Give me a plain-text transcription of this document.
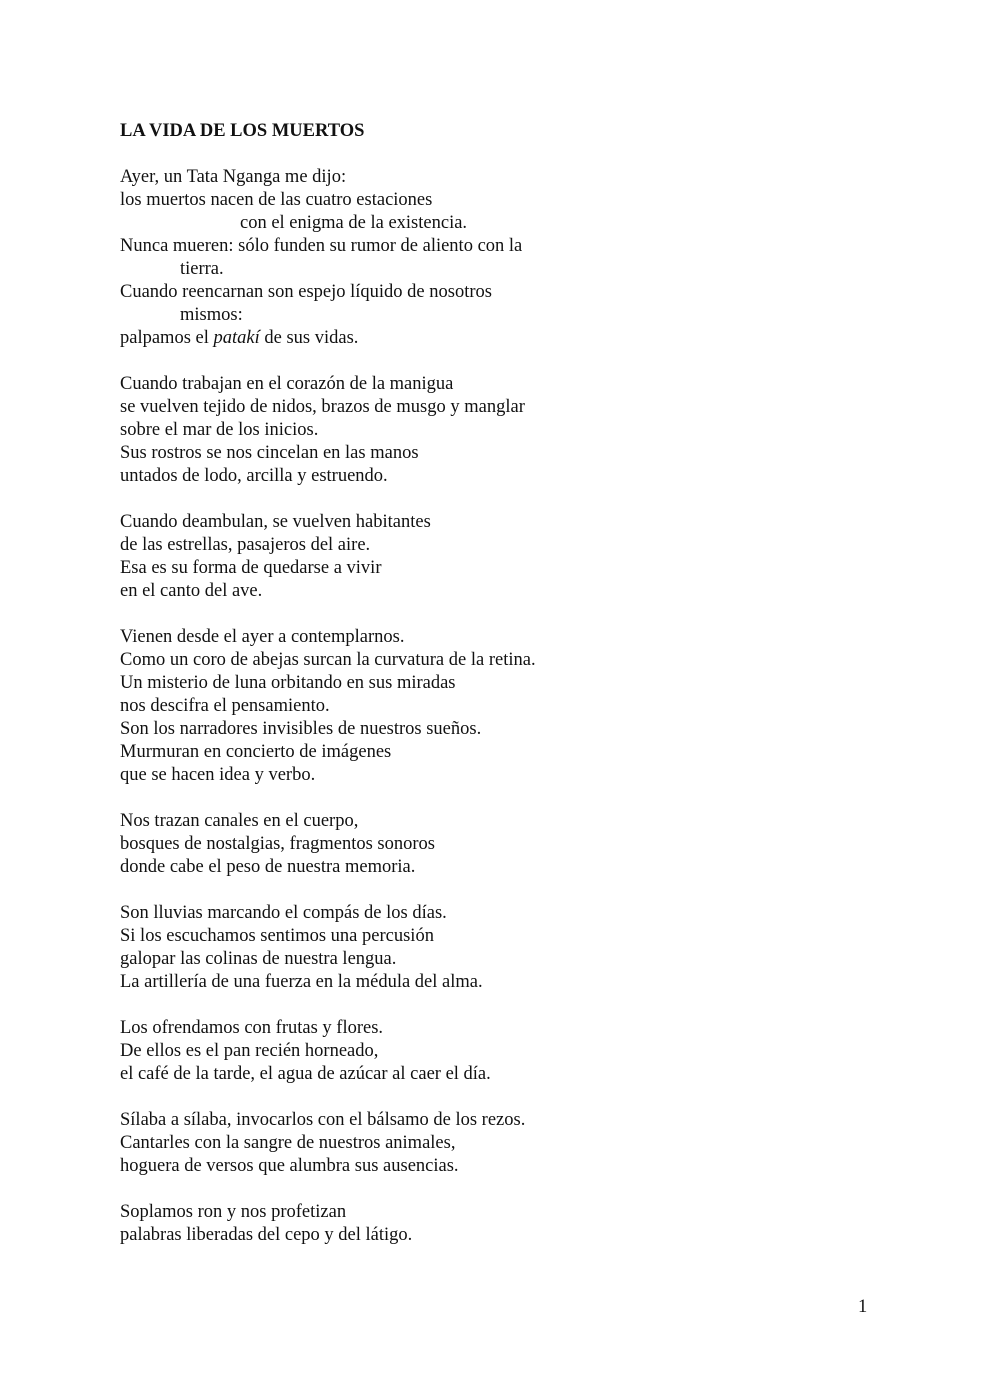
LA VIDA DE LOS MUERTOS
Ayer, un Tata Nganga me dijo:
los muertos nacen de las cuatro estaciones
con el enigma de la existencia.
Nunca mueren: sólo funden su rumor de aliento con la
tierra.
Cuando reencarnan son espejo líquido de nosotros
mismos:
palpamos el patakí de sus vidas.
Cuando trabajan en el corazón de la manigua
se vuelven tejido de nidos, brazos de musgo y manglar
sobre el mar de los inicios.
Sus rostros se nos cincelan en las manos
untados de lodo, arcilla y estruendo.
Cuando deambulan, se vuelven habitantes
de las estrellas, pasajeros del aire.
Esa es su forma de quedarse a vivir
en el canto del ave.
Vienen desde el ayer a contemplarnos.
Como un coro de abejas surcan la curvatura de la retina.
Un misterio de luna orbitando en sus miradas
nos descifra el pensamiento.
Son los narradores invisibles de nuestros sueños.
Murmuran en concierto de imágenes
que se hacen idea y verbo.
Nos trazan canales en el cuerpo,
bosques de nostalgias, fragmentos sonoros
donde cabe el peso de nuestra memoria.
Son lluvias marcando el compás de los días.
Si los escuchamos sentimos una percusión
galopar las colinas de nuestra lengua.
La artillería de una fuerza en la médula del alma.
Los ofrendamos con frutas y flores.
De ellos es el pan recién horneado,
el café de la tarde, el agua de azúcar al caer el día.
Sílaba a sílaba, invocarlos con el bálsamo de los rezos.
Cantarles con la sangre de nuestros animales,
hoguera de versos que alumbra sus ausencias.
Soplamos ron y nos profetizan
palabras liberadas del cepo y del látigo.
1
